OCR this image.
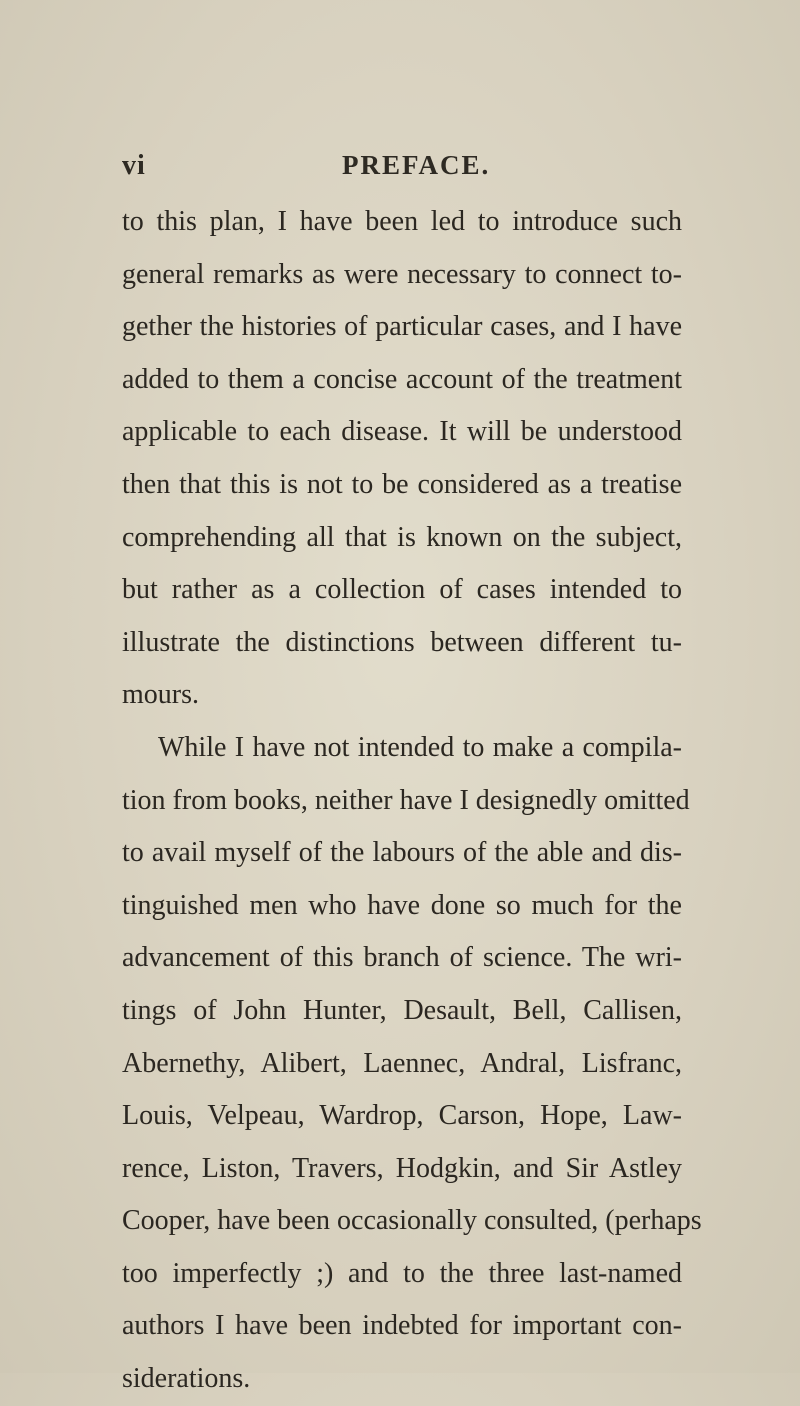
vi	PREFACE.
to this plan, I have been led to introduce such
general remarks as were necessary to connect to-
gether the histories of particular cases, and I have
added to them a concise account of the treatment
applicable to each disease. It will be understood
then that this is not to be considered as a treatise
comprehending all that is known on the subject,
but rather as a collection of cases intended to
illustrate the distinctions between different tu-
mours.
While I have not intended to make a compila-
tion from books, neither have I designedly omitted
to avail myself of the labours of the able and dis-
tinguished men who have done so much for the
advancement of this branch of science. The wri-
tings of John Hunter, Desault, Bell, Callisen,
Abernethy, Alibert, Laennec, Andral, Lisfranc,
Louis, Velpeau, Wardrop, Carson, Hope, Law-
rence, Liston, Travers, Hodgkin, and Sir Astley
Cooper, have been occasionally consulted, (perhaps
too imperfectly ;) and to the three last-named
authors I have been indebted for important con-
siderations.
